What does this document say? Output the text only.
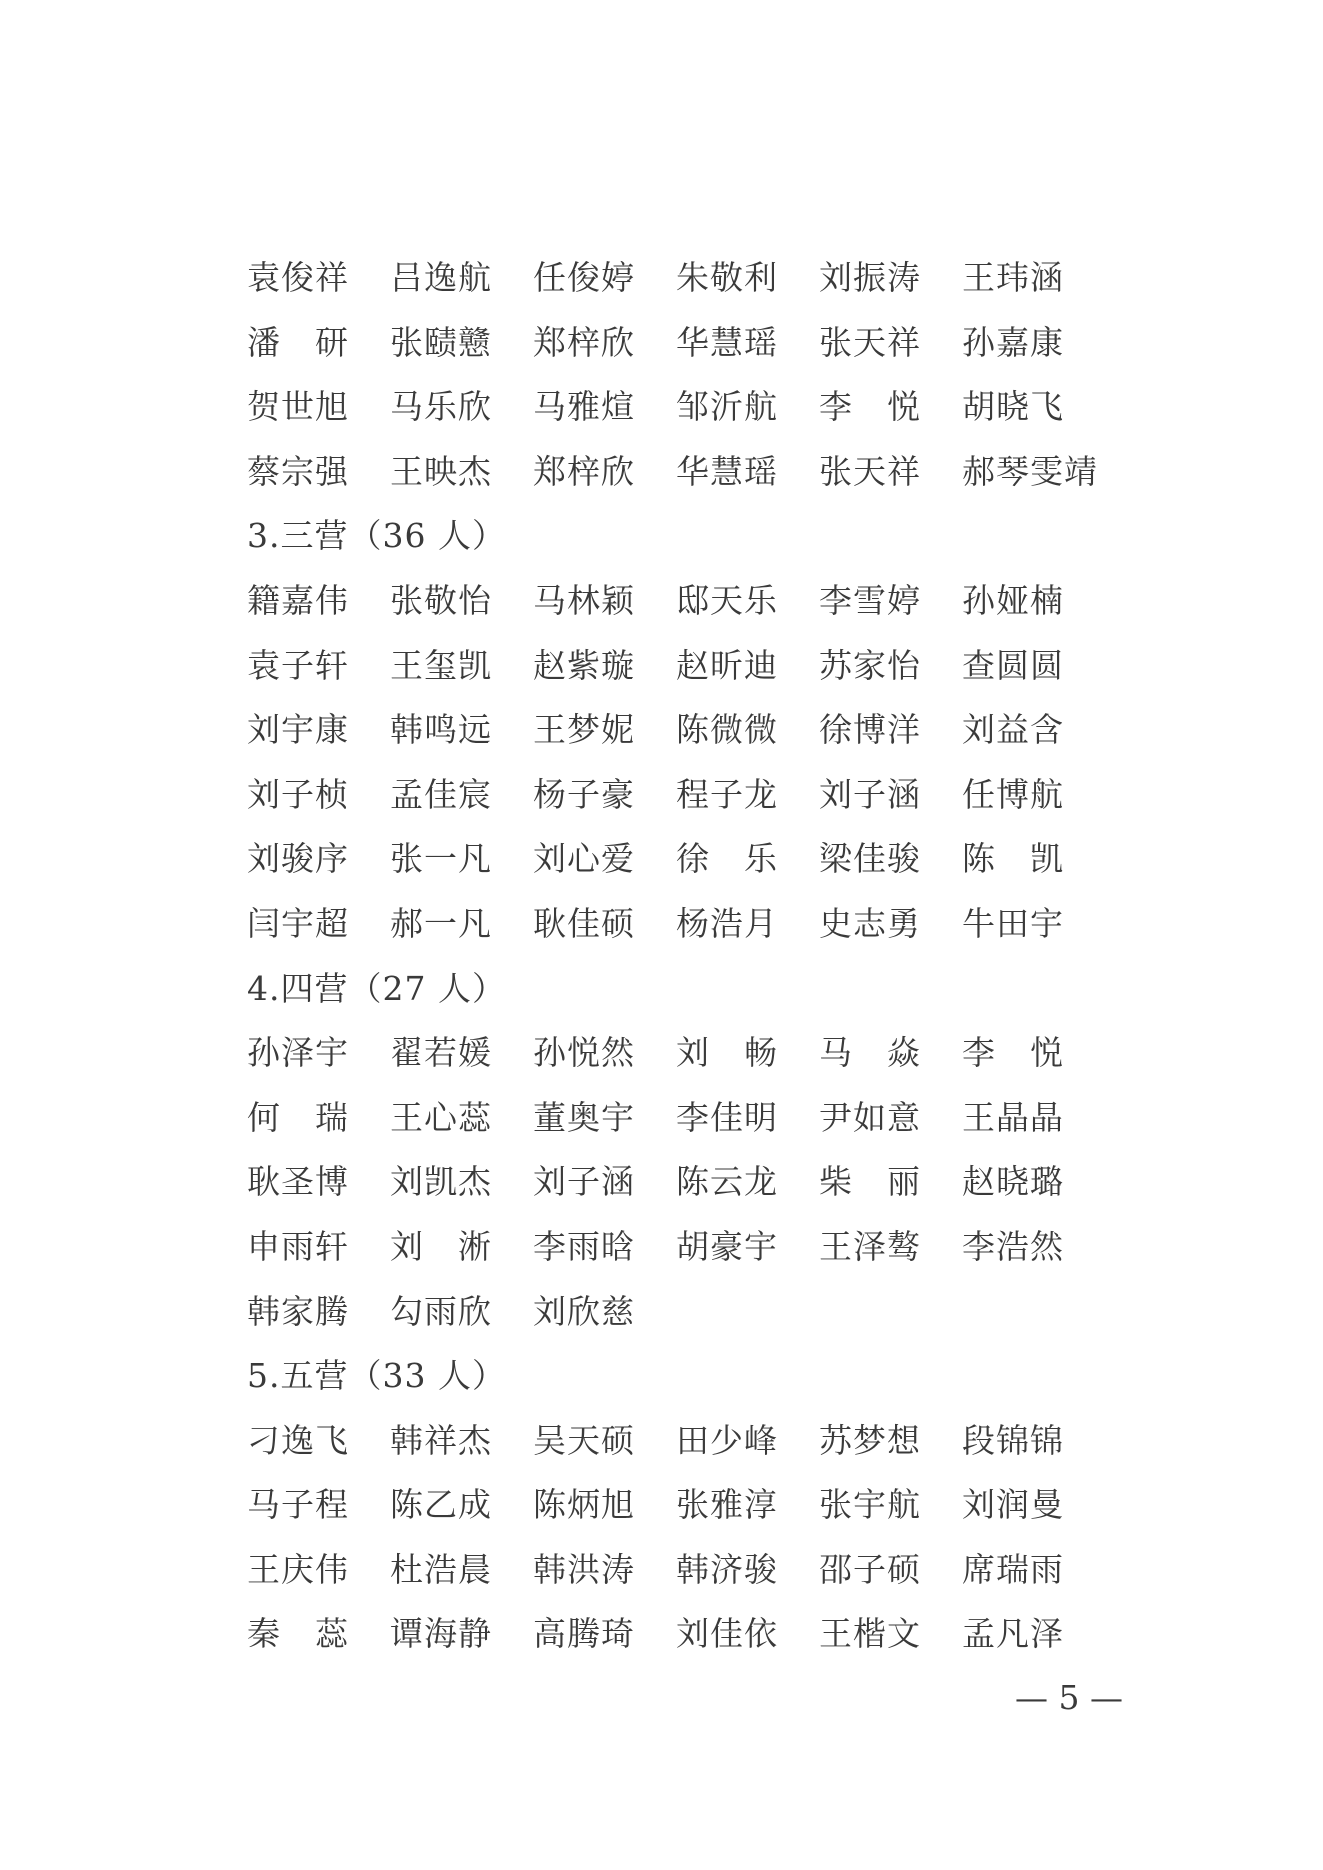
袁俊祥 吕逸航 任俊婷 朱敬利 刘振涛 王玮涵
潘　研 张赜戆 郑梓欣 华慧瑶 张天祥 孙嘉康
贺世旭 马乐欣 马雅煊 邹沂航 李　悦 胡晓飞
蔡宗强 王映杰 郑梓欣 华慧瑶 张天祥 郝琴雯靖
3.三营（36 人）
籍嘉伟 张敬怡 马林颖 邸天乐 李雪婷 孙娅楠
袁子轩 王玺凯 赵紫璇 赵昕迪 苏家怡 查圆圆
刘宇康 韩鸣远 王梦妮 陈微微 徐博洋 刘益含
刘子桢 孟佳宸 杨子豪 程子龙 刘子涵 任博航
刘骏序 张一凡 刘心爱 徐　乐 梁佳骏 陈　凯
闫宇超 郝一凡 耿佳硕 杨浩月 史志勇 牛田宇
4.四营（27 人）
孙泽宇 翟若媛 孙悦然 刘　畅 马　焱 李　悦
何　瑞 王心蕊 董奥宇 李佳明 尹如意 王晶晶
耿圣博 刘凯杰 刘子涵 陈云龙 柴　丽 赵晓璐
申雨轩 刘　淅 李雨晗 胡豪宇 王泽骜 李浩然
韩家腾 勾雨欣 刘欣慈
5.五营（33 人）
刁逸飞 韩祥杰 吴天硕 田少峰 苏梦想 段锦锦
马子程 陈乙成 陈炳旭 张雅淳 张宇航 刘润曼
王庆伟 杜浩晨 韩洪涛 韩济骏 邵子硕 席瑞雨
秦　蕊 谭海静 高腾琦 刘佳依 王楷文 孟凡泽
— 5 —
